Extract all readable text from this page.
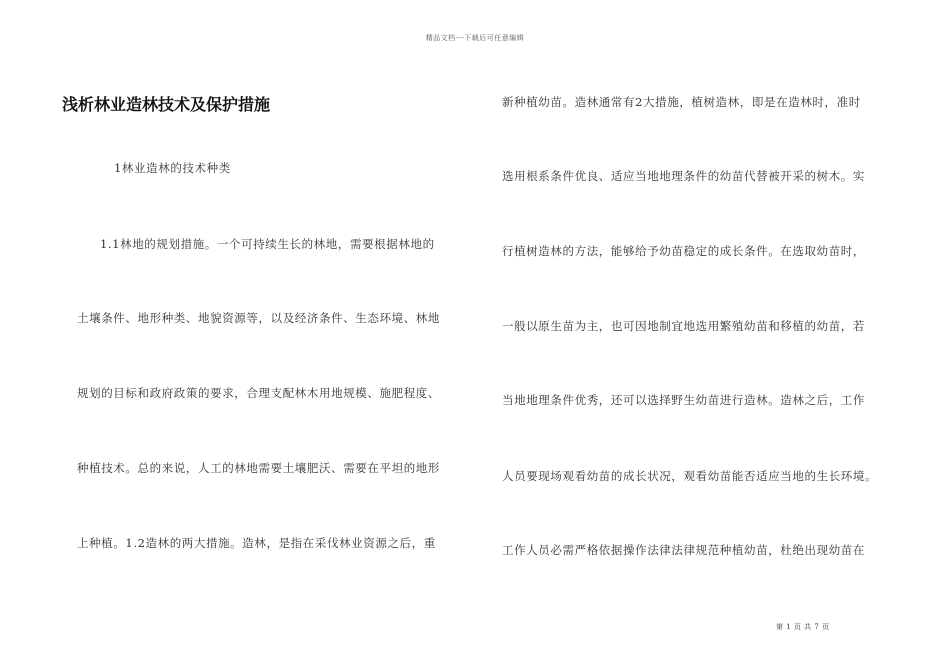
精品文档---下载后可任意编辑
浅析林业造林技术及保护措施
1林业造林的技术种类
1.1林地的规划措施。一个可持续生长的林地，需要根据林地的
土壤条件、地形种类、地貌资源等，以及经济条件、生态环境、林地
规划的目标和政府政策的要求，合理支配林木用地规模、施肥程度、
种植技术。总的来说，人工的林地需要土壤肥沃、需要在平坦的地形
上种植。1.2造林的两大措施。造林，是指在采伐林业资源之后，重
新种植幼苗。造林通常有2大措施，植树造林，即是在造林时，准时
选用根系条件优良、适应当地地理条件的幼苗代替被开采的树木。实
行植树造林的方法，能够给予幼苗稳定的成长条件。在选取幼苗时，
一般以原生苗为主，也可因地制宜地选用繁殖幼苗和移植的幼苗，若
当地地理条件优秀，还可以选择野生幼苗进行造林。造林之后，工作
人员要现场观看幼苗的成长状况，观看幼苗能否适应当地的生长环境。
工作人员必需严格依据操作法律法律规范种植幼苗，杜绝出现幼苗在
第 1 页 共 7 页
